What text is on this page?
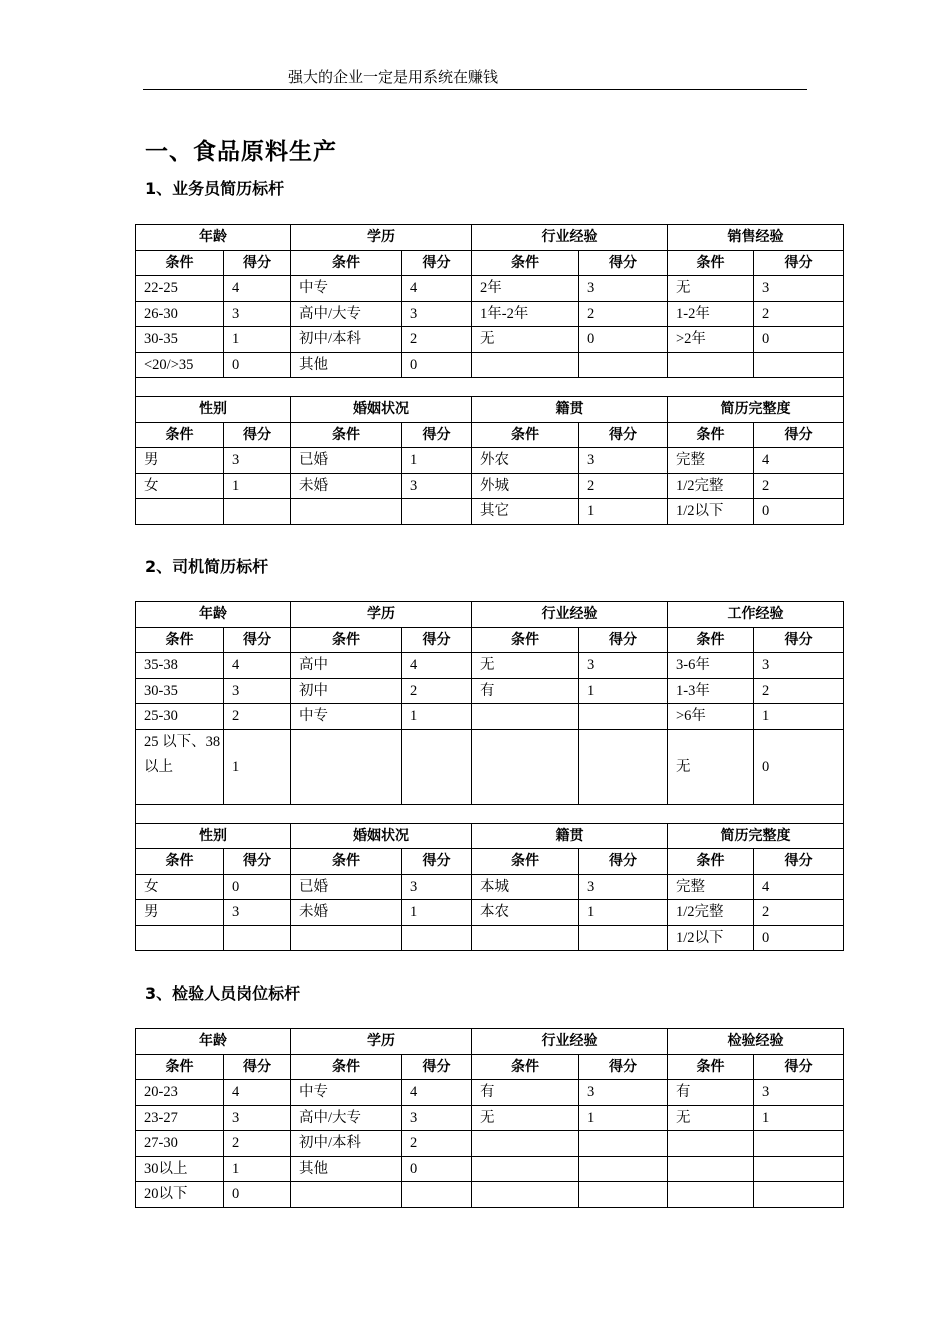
强大的企业一定是用系统在赚钱
一、食品原料生产
1、业务员简历标杆
年龄		学历		行业经验		销售经验	
条件	得分	条件	得分	条件	得分	条件	得分
22-25	4	中专	4	2年	3	无	3
26-30	3	高中/大专	3	1年-2年	2	1-2年	2
30-35	1	初中/本科	2	无	0	>2年	0
<20/>35	0	其他	0				

性别		婚姻状况		籍贯		简历完整度	
条件	得分	条件	得分	条件	得分	条件	得分
男	3	已婚	1	外农	3	完整	4
女	1	未婚	3	外城	2	1/2完整	2
				其它	1	1/2以下	0
2、司机简历标杆
年龄		学历		行业经验		工作经验	
条件	得分	条件	得分	条件	得分	条件	得分
35-38	4	高中	4	无	3	3-6年	3
30-35	3	初中	2	有	1	1-3年	2
25-30	2	中专	1			>6年	1
25 以下、38以上	1					无	0

性别		婚姻状况		籍贯		简历完整度	
条件	得分	条件	得分	条件	得分	条件	得分
女	0	已婚	3	本城	3	完整	4
男	3	未婚	1	本农	1	1/2完整	2
						1/2以下	0
3、检验人员岗位标杆
年龄		学历		行业经验		检验经验	
条件	得分	条件	得分	条件	得分	条件	得分
20-23	4	中专	4	有	3	有	3
23-27	3	高中/大专	3	无	1	无	1
27-30	2	初中/本科	2				
30以上	1	其他	0				
20以下	0						
